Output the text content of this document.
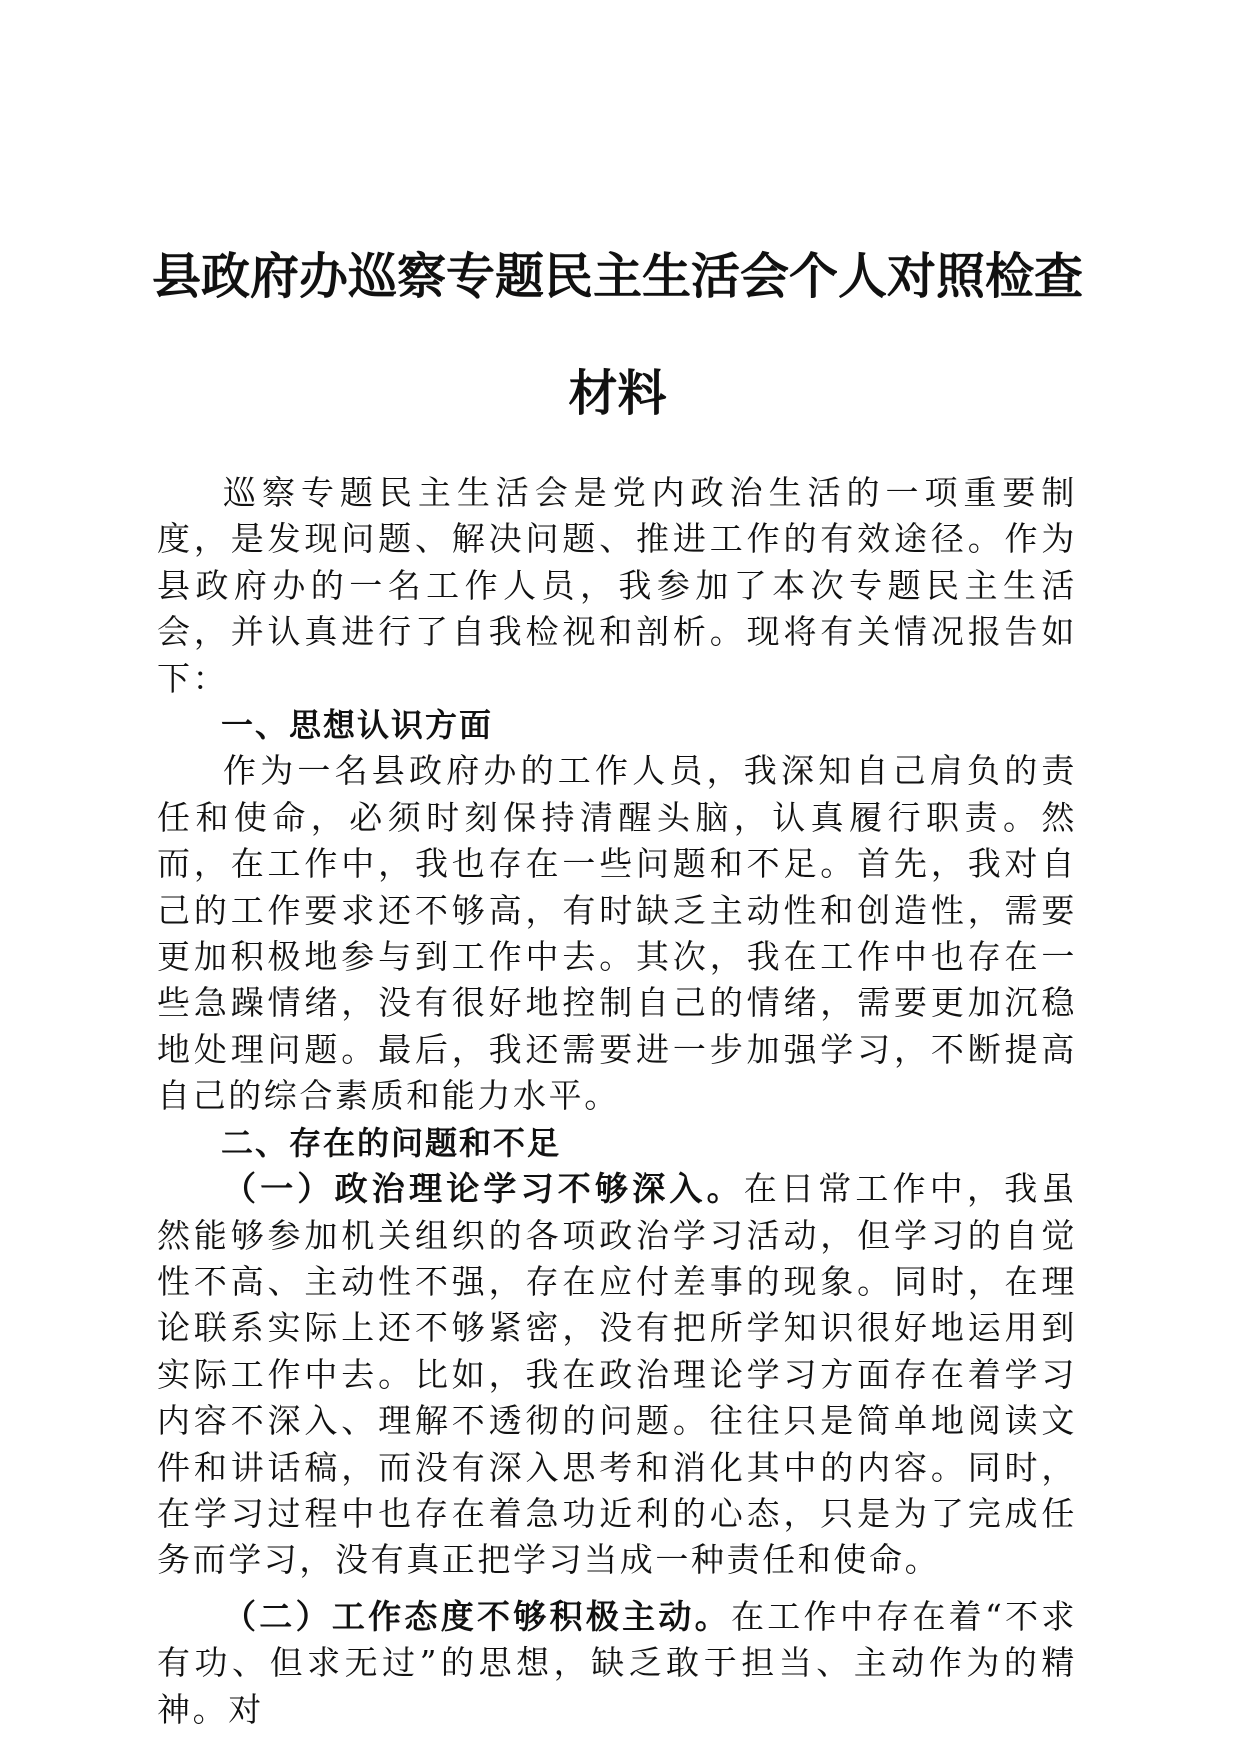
县政府办巡察专题民主生活会个人对照检查材料

巡察专题民主生活会是党内政治生活的一项重要制度，是发现问题、解决问题、推进工作的有效途径。作为县政府办的一名工作人员，我参加了本次专题民主生活会，并认真进行了自我检视和剖析。现将有关情况报告如下：

一、思想认识方面

作为一名县政府办的工作人员，我深知自己肩负的责任和使命，必须时刻保持清醒头脑，认真履行职责。然而，在工作中，我也存在一些问题和不足。首先，我对自己的工作要求还不够高，有时缺乏主动性和创造性，需要更加积极地参与到工作中去。其次，我在工作中也存在一些急躁情绪，没有很好地控制自己的情绪，需要更加沉稳地处理问题。最后，我还需要进一步加强学习，不断提高自己的综合素质和能力水平。

二、存在的问题和不足

（一）政治理论学习不够深入。在日常工作中，我虽然能够参加机关组织的各项政治学习活动，但学习的自觉性不高、主动性不强，存在应付差事的现象。同时，在理论联系实际上还不够紧密，没有把所学知识很好地运用到实际工作中去。比如，我在政治理论学习方面存在着学习内容不深入、理解不透彻的问题。往往只是简单地阅读文件和讲话稿，而没有深入思考和消化其中的内容。同时，在学习过程中也存在着急功近利的心态，只是为了完成任务而学习，没有真正把学习当成一种责任和使命。

（二）工作态度不够积极主动。在工作中存在着“不求有功、但求无过”的思想，缺乏敢于担当、主动作为的精神。对
